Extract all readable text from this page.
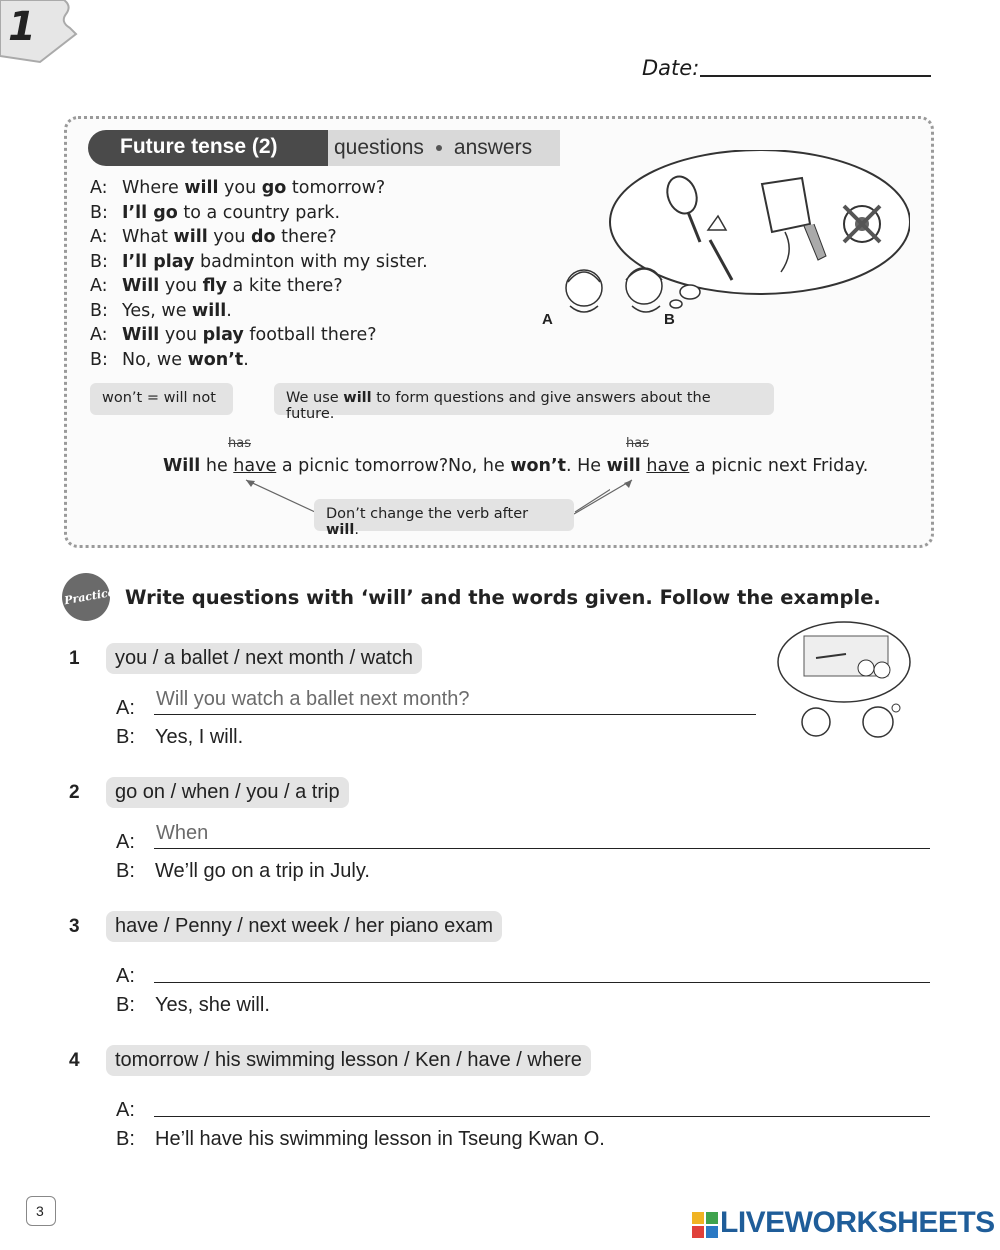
1
Date:
Future tense (2)	questions answers
A: Where will you go tomorrow?
B: I’ll go to a country park.
A: What will you do there?
B: I’ll play badminton with my sister.
A: Will you fly a kite there?
B: Yes, we will.
A: Will you play football there?
B: No, we won’t.
A	B
won’t = will not	We use will to form questions and give answers about the future.
has	has
Will he have a picnic tomorrow? No, he won’t. He will have a picnic next Friday.
Don’t change the verb after will.
Practice Write questions with ‘will’ and the words given. Follow the example.
1	you / a ballet / next month / watch
A: Will you watch a ballet next month?
B: Yes, I will.
2	go on / when / you / a trip
A: When
B: We’ll go on a trip in July.
3	have / Penny / next week / her piano exam
A:
B: Yes, she will.
4	tomorrow / his swimming lesson / Ken / have / where
A:
B: He’ll have his swimming lesson in Tseung Kwan O.
3	LIVEWORKSHEETS
